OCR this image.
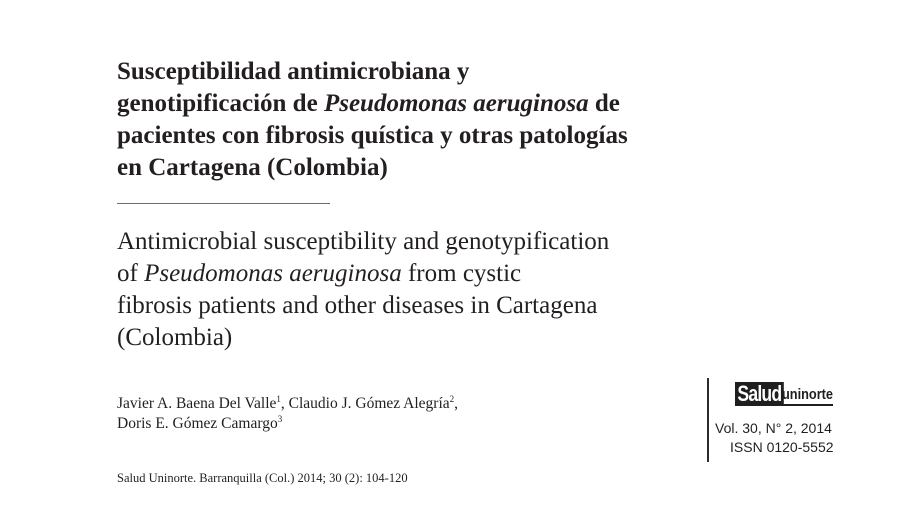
Susceptibilidad antimicrobiana y
genotipificación de Pseudomonas aeruginosa de
pacientes con fibrosis quística y otras patologías
en Cartagena (Colombia)
Antimicrobial susceptibility and genotypification
of Pseudomonas aeruginosa from cystic
fibrosis patients and other diseases in Cartagena
(Colombia)
Javier A. Baena Del Valle$^1$, Claudio J. Gómez Alegría$^2$,
Doris E. Gómez Camargo$^3$
Salud Uninorte. Barranquilla (Col.) 2014; 30 (2): 104-120
Salud uninorte
Vol. 30, N° 2, 2014
ISSN 0120-5552
